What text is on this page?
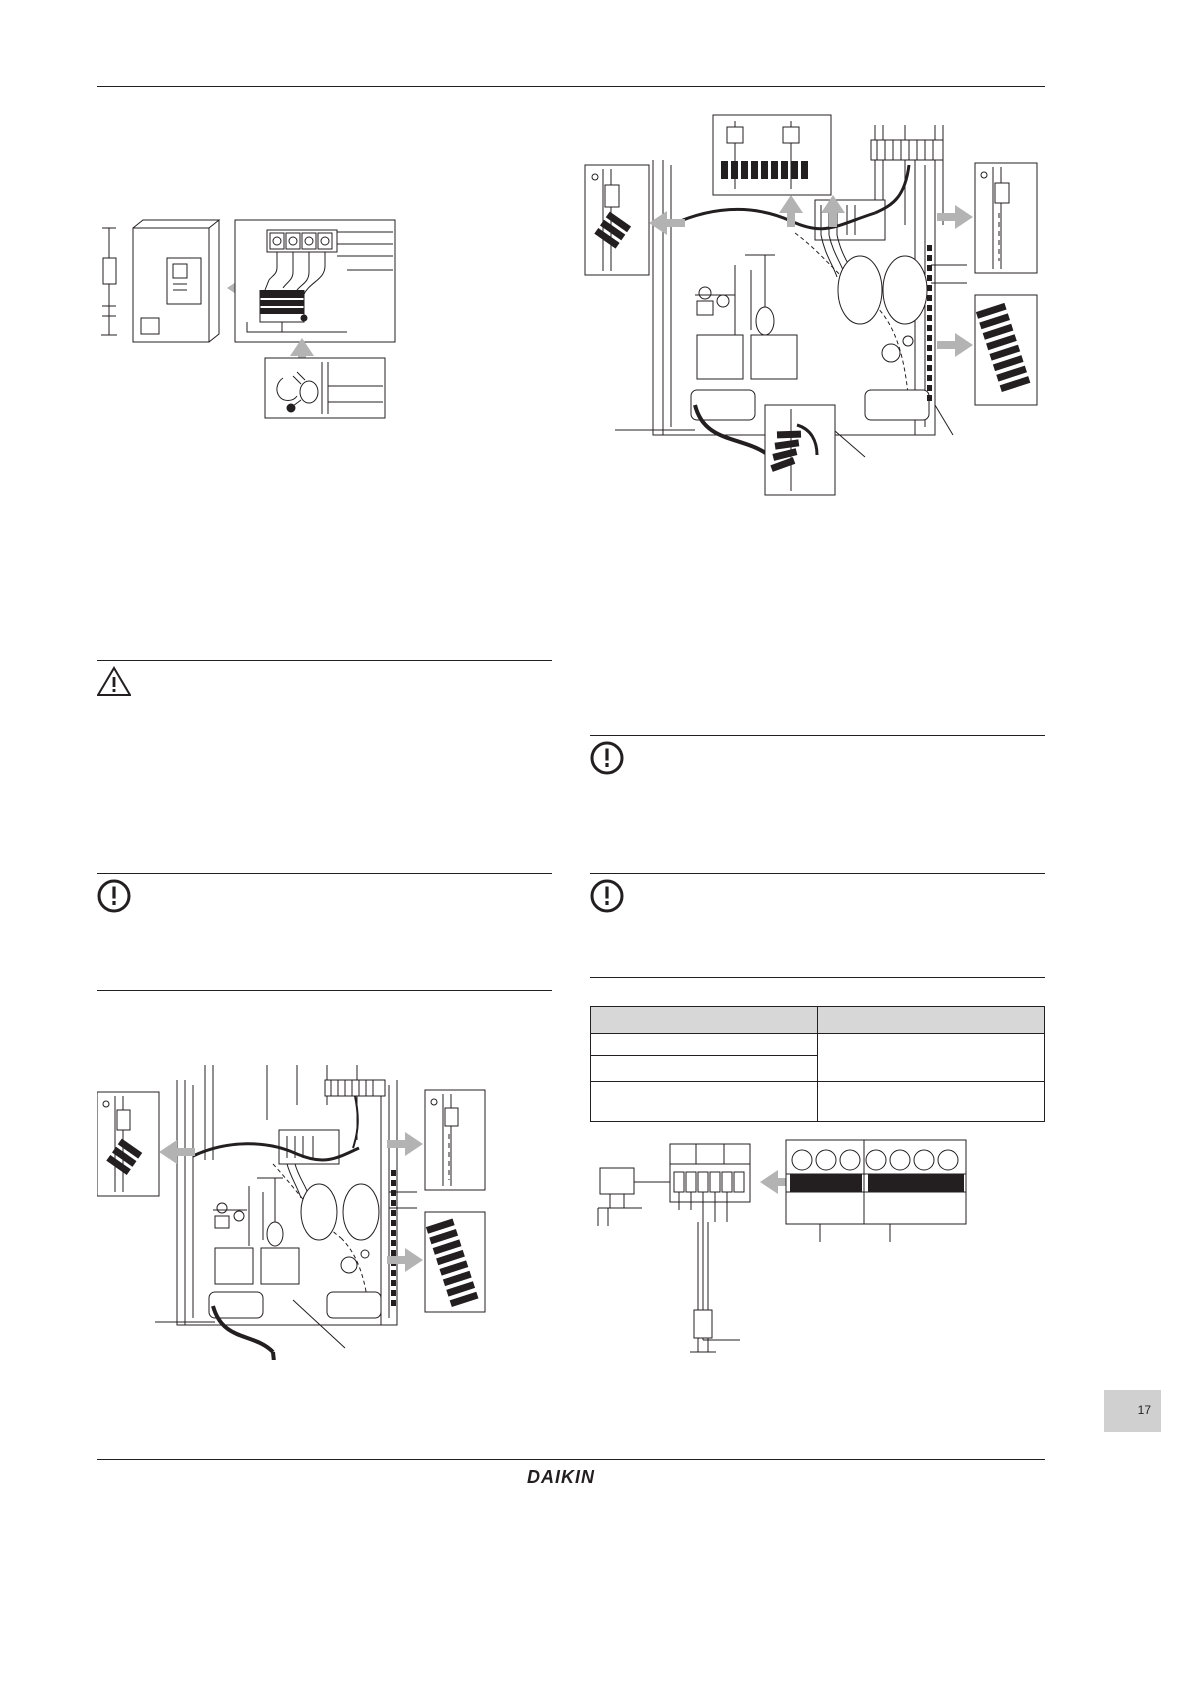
DAIKIN
17
